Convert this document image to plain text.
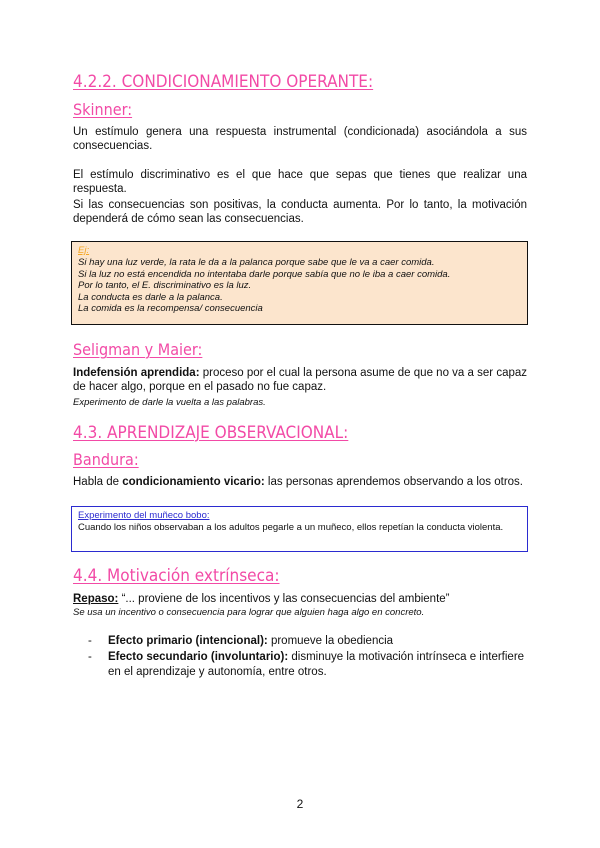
4.2.2. CONDICIONAMIENTO OPERANTE:
Skinner:
Un estímulo genera una respuesta instrumental (condicionada) asociándola a sus consecuencias.
El estímulo discriminativo es el que hace que sepas que tienes que realizar una respuesta.
Si las consecuencias son positivas, la conducta aumenta. Por lo tanto, la motivación dependerá de cómo sean las consecuencias.
Ej:
Si hay una luz verde, la rata le da a la palanca porque sabe que le va a caer comida.
Si la luz no está encendida no intentaba darle porque sabía que no le iba a caer comida.
Por lo tanto, el E. discriminativo es la luz.
La conducta es darle a la palanca.
La comida es la recompensa/ consecuencia
Seligman y Maier:
Indefensión aprendida: proceso por el cual la persona asume de que no va a ser capaz de hacer algo, porque en el pasado no fue capaz.
Experimento de darle la vuelta a las palabras.
4.3. APRENDIZAJE OBSERVACIONAL:
Bandura:
Habla de condicionamiento vicario: las personas aprendemos observando a los otros.
Experimento del muñeco bobo:
Cuando los niños observaban a los adultos pegarle a un muñeco, ellos repetían la conducta violenta.
4.4. Motivación extrínseca:
Repaso: “... proviene de los incentivos y las consecuencias del ambiente”
Se usa un incentivo o consecuencia para lograr que alguien haga algo en concreto.
- Efecto primario (intencional): promueve la obediencia
- Efecto secundario (involuntario): disminuye la motivación intrínseca e interfiere en el aprendizaje y autonomía, entre otros.
2
